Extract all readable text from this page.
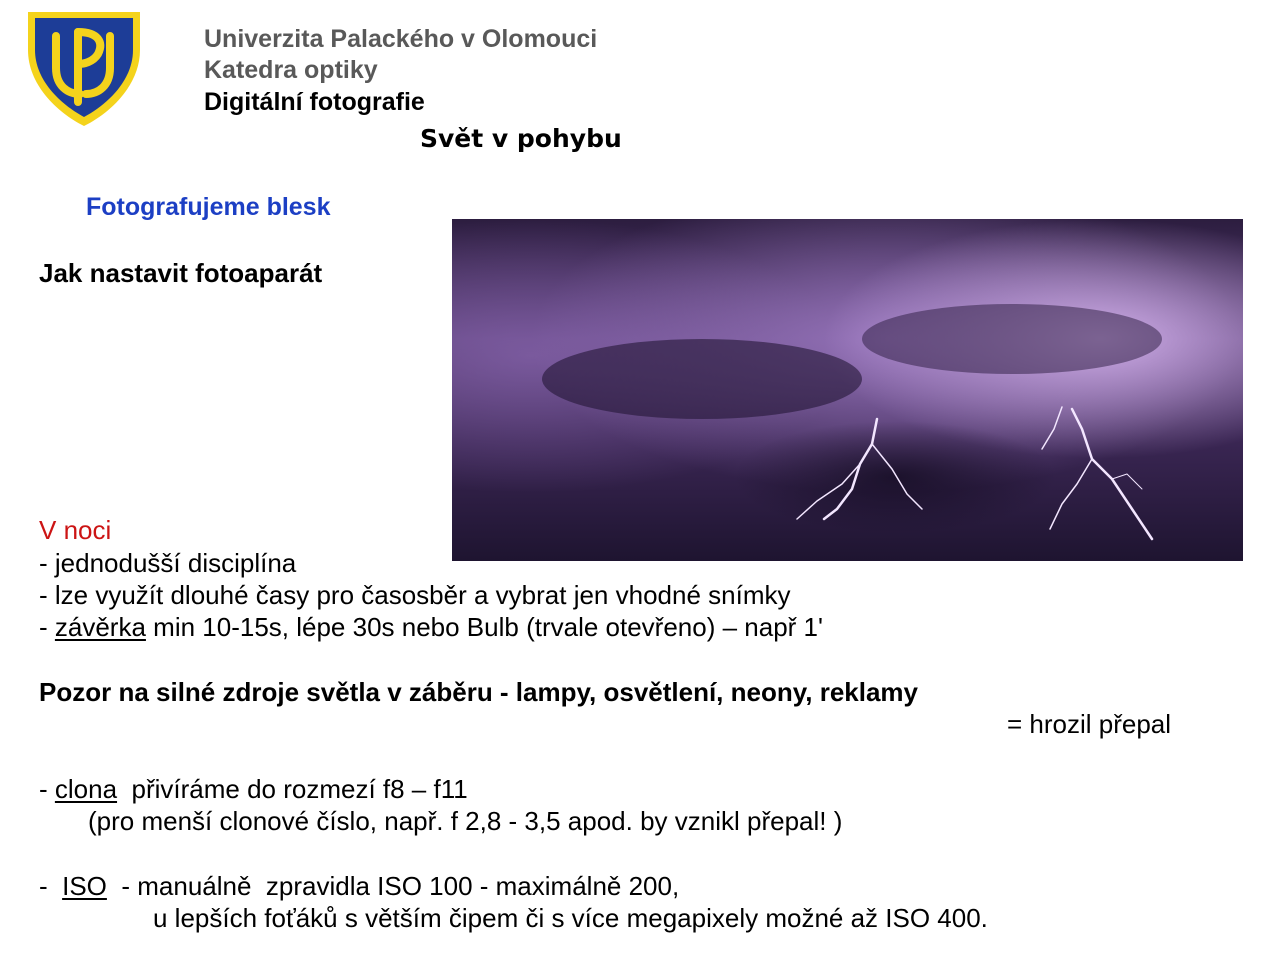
Univerzita Palackého v Olomouci
Katedra optiky
Digitální fotografie
Svět v pohybu
Fotografujeme blesk
Jak nastavit fotoaparát
V noci
- jednodušší disciplína
- lze využít dlouhé časy pro časosběr a vybrat jen vhodné snímky
- závěrka min 10-15s, lépe 30s nebo Bulb (trvale otevřeno) – např 1'
Pozor na silné zdroje světla v záběru - lampy, osvětlení, neony, reklamy
= hrozil přepal
- clona  přivíráme do rozmezí f8 – f11
(pro menší clonové číslo, např. f 2,8 - 3,5 apod. by vznikl přepal! )
-  ISO  - manuálně  zpravidla ISO 100 - maximálně 200,
u lepších foťáků s větším čipem či s více megapixely možné až ISO 400.
